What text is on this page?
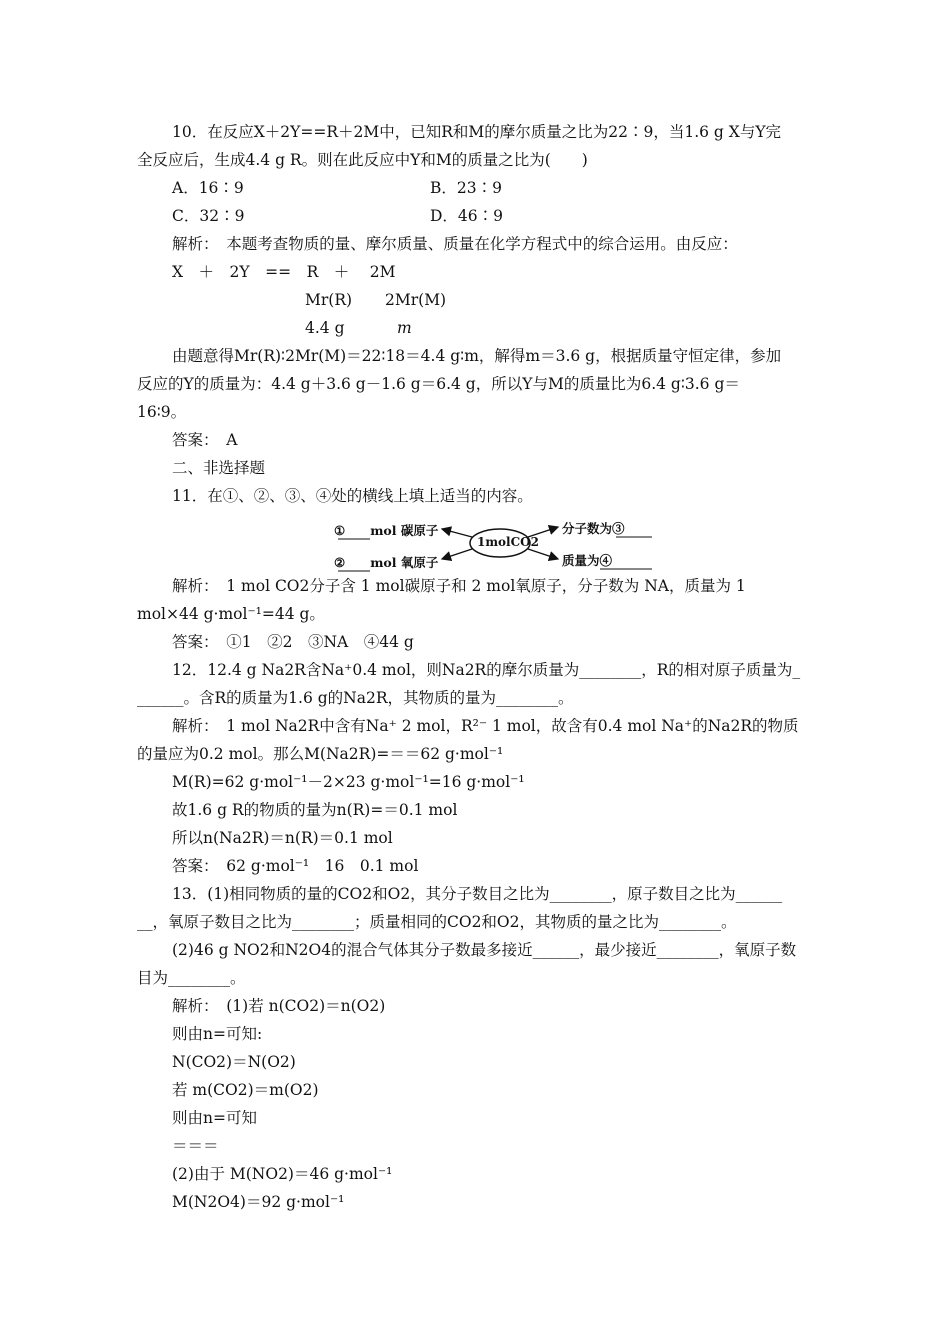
10．在反应X＋2Y==R＋2M中，已知R和M的摩尔质量之比为22∶9，当1.6 g X与Y完
全反应后，生成4.4 g R。则在此反应中Y和M的质量之比为(　　)
A．16∶9	B．23∶9
C．32∶9	D．46∶9
解析：　本题考查物质的量、摩尔质量、质量在化学方程式中的综合运用。由反应：
X　＋　2Y　==　R　＋　 2M
Mr(R) 2Mr(M)
4.4 g	m
由题意得Mr(R)∶2Mr(M)＝22∶18＝4.4 g∶m，解得m＝3.6 g，根据质量守恒定律，参加
反应的Y的质量为：4.4 g＋3.6 g－1.6 g＝6.4 g，所以Y与M的质量比为6.4 g∶3.6 g＝
16∶9。
答案：　A
二、非选择题
11．在①、②、③、④处的横线上填上适当的内容。
1molCO2
①　　mol 碳原子
②　　mol 氧原子
分子数为③
质量为④
解析：　1 mol CO2分子含 1 mol碳原子和 2 mol氧原子，分子数为 NA，质量为 1
mol×44 g·mol⁻¹=44 g。
答案：　①1　②2　③NA　④44 g
12．12.4 g Na2R含Na⁺0.4 mol，则Na2R的摩尔质量为________，R的相对原子质量为_
______。含R的质量为1.6 g的Na2R，其物质的量为________。
解析：　1 mol Na2R中含有Na⁺ 2 mol，R²⁻ 1 mol，故含有0.4 mol Na⁺的Na2R的物质
的量应为0.2 mol。那么M(Na2R)=＝＝62 g·mol⁻¹
M(R)=62 g·mol⁻¹－2×23 g·mol⁻¹=16 g·mol⁻¹
故1.6 g R的物质的量为n(R)=＝0.1 mol
所以n(Na2R)＝n(R)＝0.1 mol
答案：　62 g·mol⁻¹　16　0.1 mol
13．(1)相同物质的量的CO2和O2，其分子数目之比为________，原子数目之比为______
__，氧原子数目之比为________；质量相同的CO2和O2，其物质的量之比为________。
(2)46 g NO2和N2O4的混合气体其分子数最多接近______，最少接近________，氧原子数
目为________。
解析：　(1)若 n(CO2)＝n(O2)
则由n=可知:
N(CO2)＝N(O2)
若 m(CO2)＝m(O2)
则由n=可知
＝＝＝
(2)由于 M(NO2)＝46 g·mol⁻¹
M(N2O4)＝92 g·mol⁻¹
